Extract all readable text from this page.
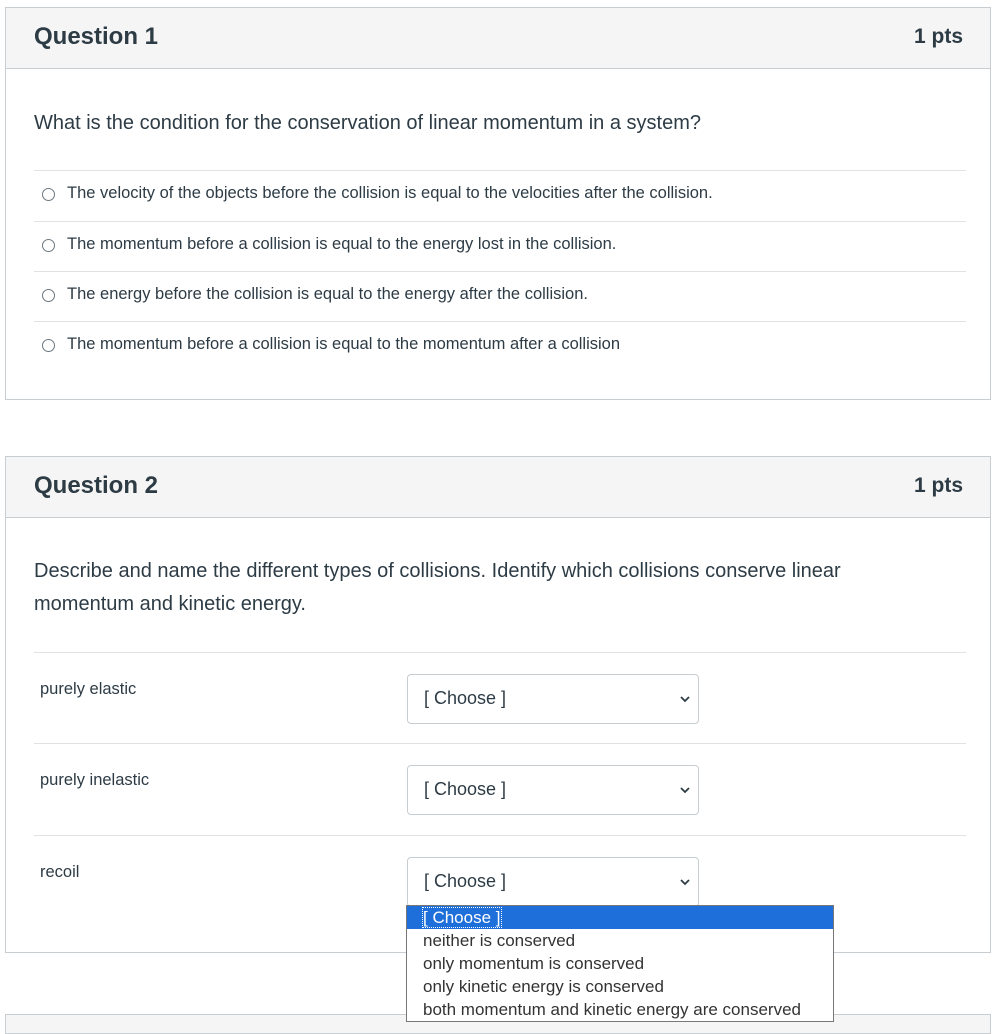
Question 1	1 pts
What is the condition for the conservation of linear momentum in a system?
The velocity of the objects before the collision is equal to the velocities after the collision.
The momentum before a collision is equal to the energy lost in the collision.
The energy before the collision is equal to the energy after the collision.
The momentum before a collision is equal to the momentum after a collision
Question 2	1 pts
Describe and name the different types of collisions. Identify which collisions conserve linear
momentum and kinetic energy.
purely elastic	[ Choose ]
purely inelastic	[ Choose ]
recoil	[ Choose ]
[ Choose ]
neither is conserved
only momentum is conserved
only kinetic energy is conserved
both momentum and kinetic energy are conserved
